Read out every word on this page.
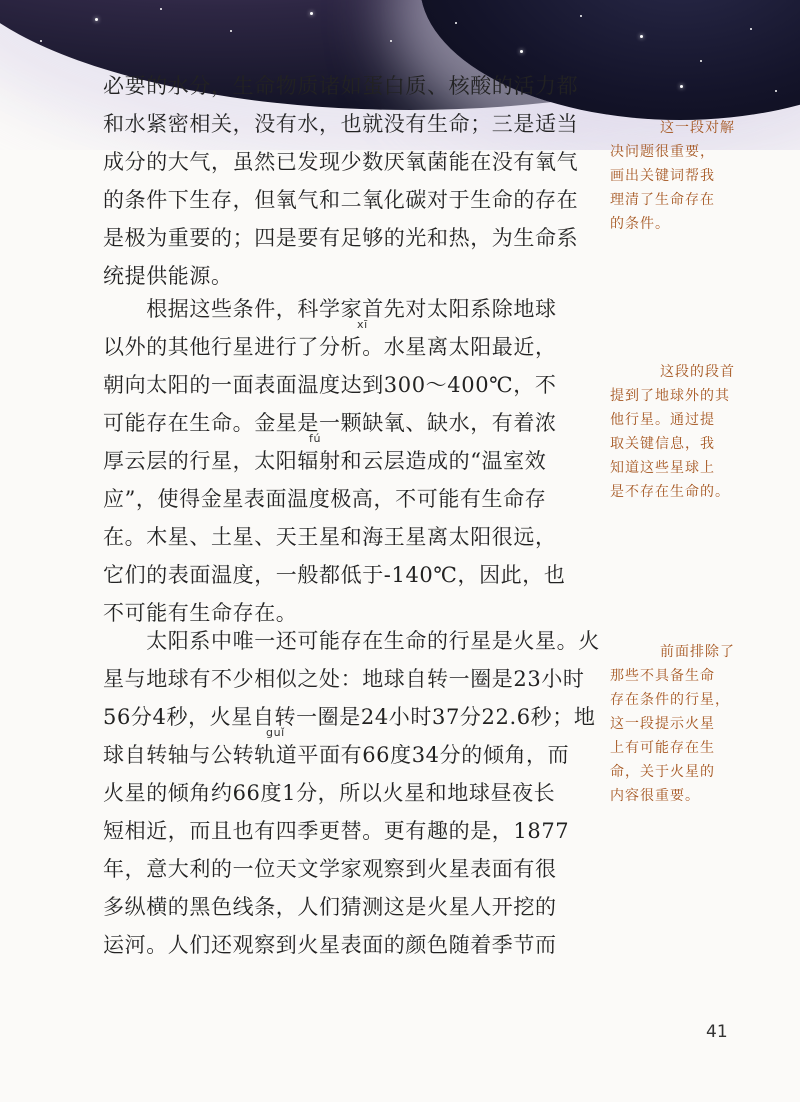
必要的水分，生命物质诸如蛋白质、核酸的活力都
和水紧密相关，没有水，也就没有生命；三是适当
成分的大气，虽然已发现少数厌氧菌能在没有氧气
的条件下生存，但氧气和二氧化碳对于生命的存在
是极为重要的；四是要有足够的光和热，为生命系
统提供能源。
　　根据这些条件，科学家首先对太阳系除地球
以外的其他行星进行了分析。水星离太阳最近，
xī
朝向太阳的一面表面温度达到300～400℃，不
可能存在生命。金星是一颗缺氧、缺水，有着浓
厚云层的行星，太阳辐射和云层造成的“温室效
fú
应”，使得金星表面温度极高，不可能有生命存
在。木星、土星、天王星和海王星离太阳很远，
它们的表面温度，一般都低于-140℃，因此，也
不可能有生命存在。
　　太阳系中唯一还可能存在生命的行星是火星。火
星与地球有不少相似之处：地球自转一圈是23小时
56分4秒，火星自转一圈是24小时37分22.6秒；地
球自转轴与公转轨道平面有66度34分的倾角，而
guǐ
火星的倾角约66度1分，所以火星和地球昼夜长
短相近，而且也有四季更替。更有趣的是，1877
年，意大利的一位天文学家观察到火星表面有很
多纵横的黑色线条，人们猜测这是火星人开挖的
运河。人们还观察到火星表面的颜色随着季节而
这一段对解
决问题很重要，
画出关键词帮我
理清了生命存在
的条件。
这段的段首
提到了地球外的其
他行星。通过提
取关键信息，我
知道这些星球上
是不存在生命的。
前面排除了
那些不具备生命
存在条件的行星，
这一段提示火星
上有可能存在生
命，关于火星的
内容很重要。
41
